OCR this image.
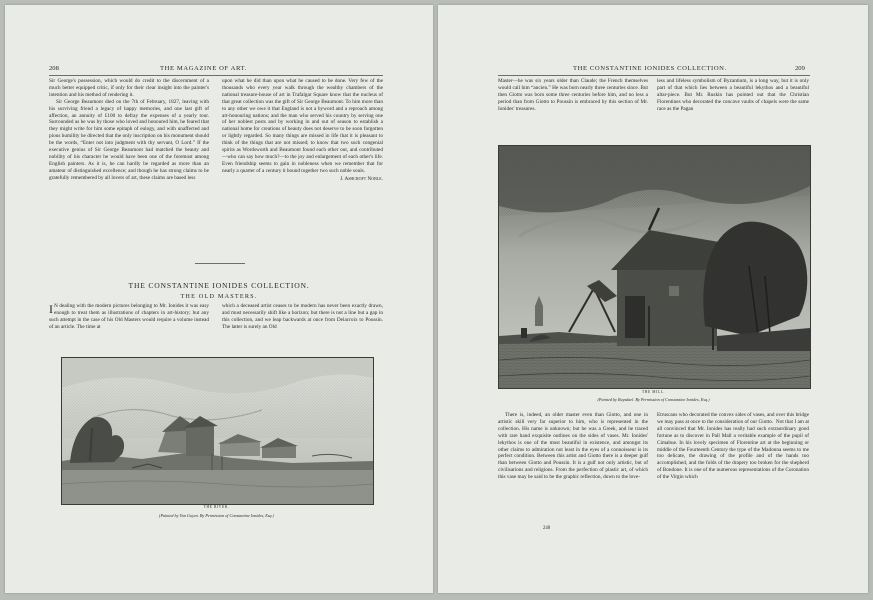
208	THE MAGAZINE OF ART.

Sir George's possession, which would do credit to the discernment of a much better equipped critic, if only for their clear insight into the painter's intention and his method of rendering it.

Sir George Beaumont died on the 7th of February, 1827, leaving with his surviving friend a legacy of happy memories, and one last gift of affection, an annuity of £100 to defray the expenses of a yearly tour. Surrounded as he was by those who loved and honoured him, he feared that they might write for him some epitaph of eulogy, and with unaffected and pious humility he directed that the only inscription on his monument should be the words, “Enter not into judgment with thy servant, O Lord.” If the executive genius of Sir George Beaumont had matched the beauty and nobility of his character he would have been one of the foremost among English painters. As it is, he can hardly be regarded as more than an amateur of distinguished excellence; and though he has strong claims to be gratefully remembered by all lovers of art, these claims are based less

upon what he did than upon what he caused to be done. Very few of the thousands who every year walk through the wealthy chambers of the national treasure-house of art in Trafalgar Square know that the nucleus of that great collection was the gift of Sir George Beaumont. To him more than to any other we owe it that England is not a byword and a reproach among art-honouring nations; and the man who served his country by serving one of her noblest posts and by working in and out of season to establish a national home for creations of beauty does not deserve to be soon forgotten or lightly regarded. So many things are missed in life that it is pleasant to think of the things that are not missed; to know that two such congenial spirits as Wordsworth and Beaumont found each other out, and contributed—who can say how much?—to the joy and enlargement of each other's life. Even friendship seems to gain in nobleness when we remember that for nearly a quarter of a century it bound together two such noble souls.

J. Ashcroft Noble.
THE CONSTANTINE IONIDES COLLECTION.
THE OLD MASTERS.
I N dealing with the modern pictures belonging to Mr. Ionides it was easy enough to treat them as illustrations of chapters in art-history; but any such attempt in the case of his Old Masters would require a volume instead of an article. The time at

which a deceased artist ceases to be modern has never been exactly drawn, and must necessarily shift like a horizon; but there is not a line but a gap in this collection, and we leap backwards at once from Delacroix to Poussin. The latter is surely an Old

THE RIVER.
(Painted by Van Goyen. By Permission of Constantine Ionides, Esq.)
THE CONSTANTINE IONIDES COLLECTION.	209

Master—he was six years older than Claude; the French themselves would call him “ancien.” He was born nearly three centuries since. But then Giotto was born some three centuries before him, and no less a period than from Giotto to Poussin is embraced by this section of Mr. Ionides' treasures.

less and lifeless symbolism of Byzantium, is a long way, but it is only part of that which lies between a beautiful lekythos and a beautiful altar-piece. But Mr. Ruskin has pointed out that the Christian Florentines who decorated the concave vaults of chapels were the same race as the Pagan

THE MILL.
(Painted by Ruysdael. By Permission of Constantine Ionides, Esq.)

There is, indeed, an older master even than Giotto, and one in artistic skill very far superior to him, who is represented in the collection. His name is unknown; but he was a Greek, and he traced with rare hand exquisite outlines on the sides of vases. Mr. Ionides' lekythos is one of the most beautiful in existence, and amongst its other claims to admiration not least in the eyes of a connoisseur is its perfect condition. Between this artist and Giotto there is a deeper gulf than between Giotto and Poussin. It is a gulf not only artistic, but of civilisations and religions. From the perfection of plastic art, of which this vase may be said to be the graphic reflection, down to the love-

Etruscans who decorated the convex sides of vases, and over this bridge we may pass at once to the consideration of our Giotto.  Not that I am at all convinced that Mr. Ionides has really had such extraordinary good fortune as to discover in Pall Mall a veritable example of the pupil of Cimabue. In his lovely specimen of Florentine art at the beginning or middle of the Fourteenth Century the type of the Madonna seems to me too delicate, the drawing of the profile and of the hands too accomplished, and the folds of the drapery too broken for the shepherd of Bondone. It is one of the numerous representations of the Coronation of the Virgin which

248
